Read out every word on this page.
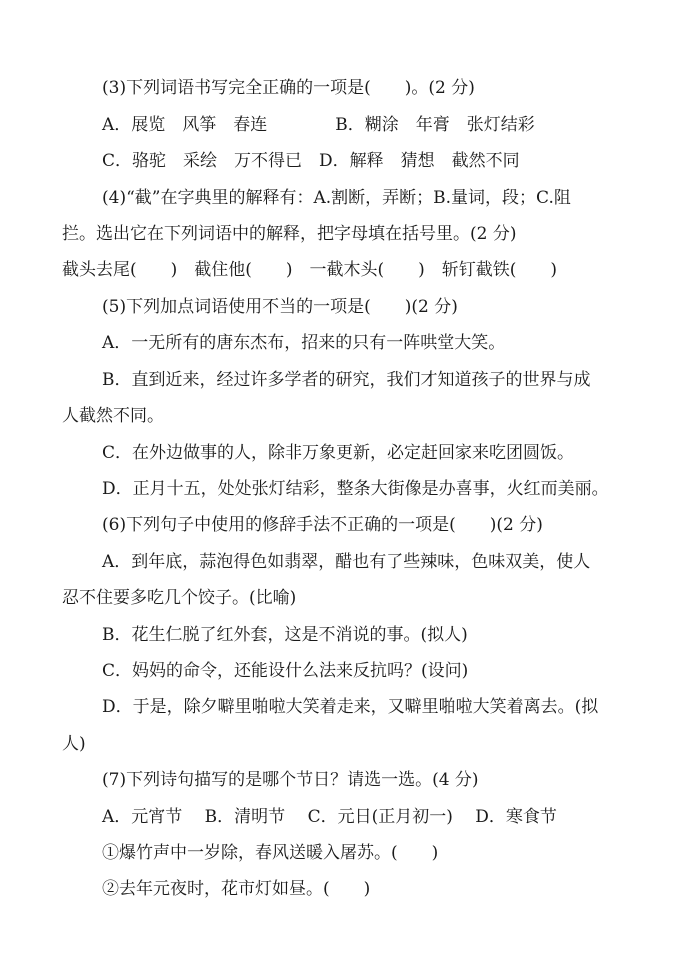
(3)下列词语书写完全正确的一项是(　　)。(2 分)
A．展览　风筝　春连　　　　B．糊涂　年膏　张灯结彩
C．骆驼　采绘　万不得已　D．解释　猜想　截然不同
(4)“截”在字典里的解释有：A.割断，弄断；B.量词，段；C.阻
拦。选出它在下列词语中的解释，把字母填在括号里。(2 分)
截头去尾(　　)　截住他(　　)　一截木头(　　)　斩钉截铁(　　)
(5)下列加点词语使用不当的一项是(　　)(2 分)
A．一无所有的唐东杰布，招来的只有一阵哄堂大笑。
B．直到近来，经过许多学者的研究，我们才知道孩子的世界与成
人截然不同。
C．在外边做事的人，除非万象更新，必定赶回家来吃团圆饭。
D．正月十五，处处张灯结彩，整条大街像是办喜事，火红而美丽。
(6)下列句子中使用的修辞手法不正确的一项是(　　)(2 分)
A．到年底，蒜泡得色如翡翠，醋也有了些辣味，色味双美，使人
忍不住要多吃几个饺子。(比喻)
B．花生仁脱了红外套，这是不消说的事。(拟人)
C．妈妈的命令，还能设什么法来反抗吗？(设问)
D．于是，除夕噼里啪啦大笑着走来，又噼里啪啦大笑着离去。(拟
人)
(7)下列诗句描写的是哪个节日？请选一选。(4 分)
A．元宵节　 B．清明节　 C．元日(正月初一)　 D．寒食节
①爆竹声中一岁除，春风送暖入屠苏。(　　)
②去年元夜时，花市灯如昼。(　　)
